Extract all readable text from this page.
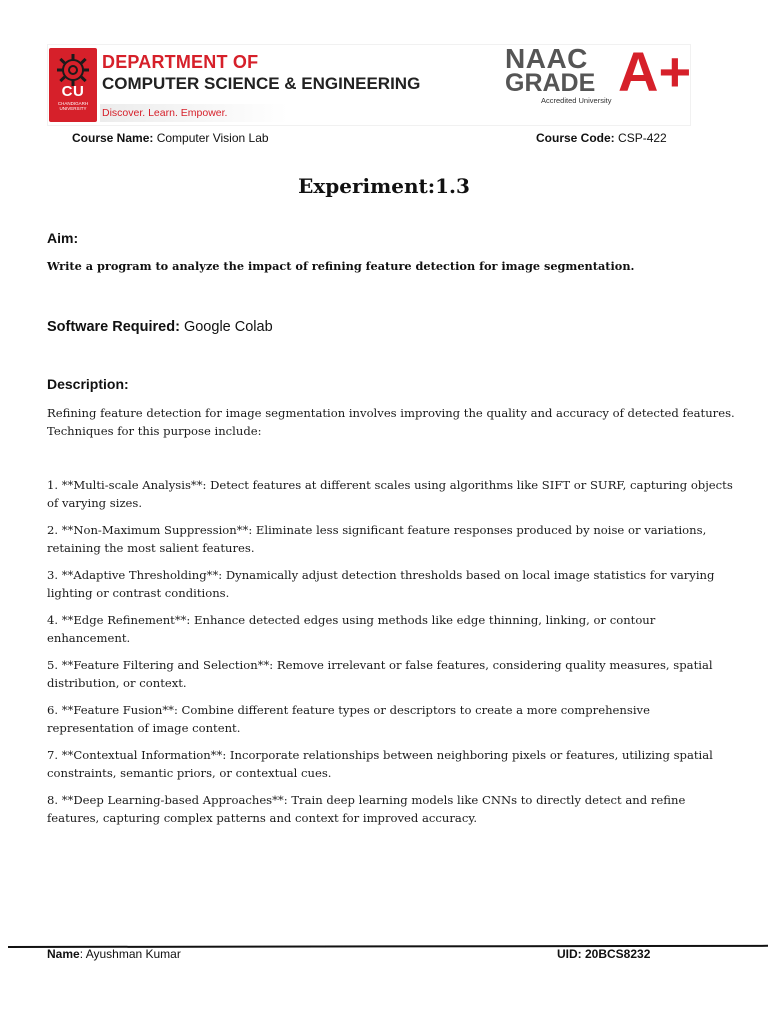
CU
CHANDIGARH UNIVERSITY
DEPARTMENT OF
COMPUTER SCIENCE & ENGINEERING
Discover. Learn. Empower.
NAAC
GRADE A+
Accredited University
Course Name: Computer Vision Lab	Course Code: CSP-422
Experiment:1.3
Aim:
Write a program to analyze the impact of refining feature detection for image segmentation.
Software Required: Google Colab
Description:
Refining feature detection for image segmentation involves improving the quality and accuracy of detected features. Techniques for this purpose include:
1. **Multi-scale Analysis**: Detect features at different scales using algorithms like SIFT or SURF, capturing objects of varying sizes.
2. **Non-Maximum Suppression**: Eliminate less significant feature responses produced by noise or variations, retaining the most salient features.
3. **Adaptive Thresholding**: Dynamically adjust detection thresholds based on local image statistics for varying lighting or contrast conditions.
4. **Edge Refinement**: Enhance detected edges using methods like edge thinning, linking, or contour enhancement.
5. **Feature Filtering and Selection**: Remove irrelevant or false features, considering quality measures, spatial distribution, or context.
6. **Feature Fusion**: Combine different feature types or descriptors to create a more comprehensive representation of image content.
7. **Contextual Information**: Incorporate relationships between neighboring pixels or features, utilizing spatial constraints, semantic priors, or contextual cues.
8. **Deep Learning-based Approaches**: Train deep learning models like CNNs to directly detect and refine features, capturing complex patterns and context for improved accuracy.
Name: Ayushman Kumar	UID: 20BCS8232
